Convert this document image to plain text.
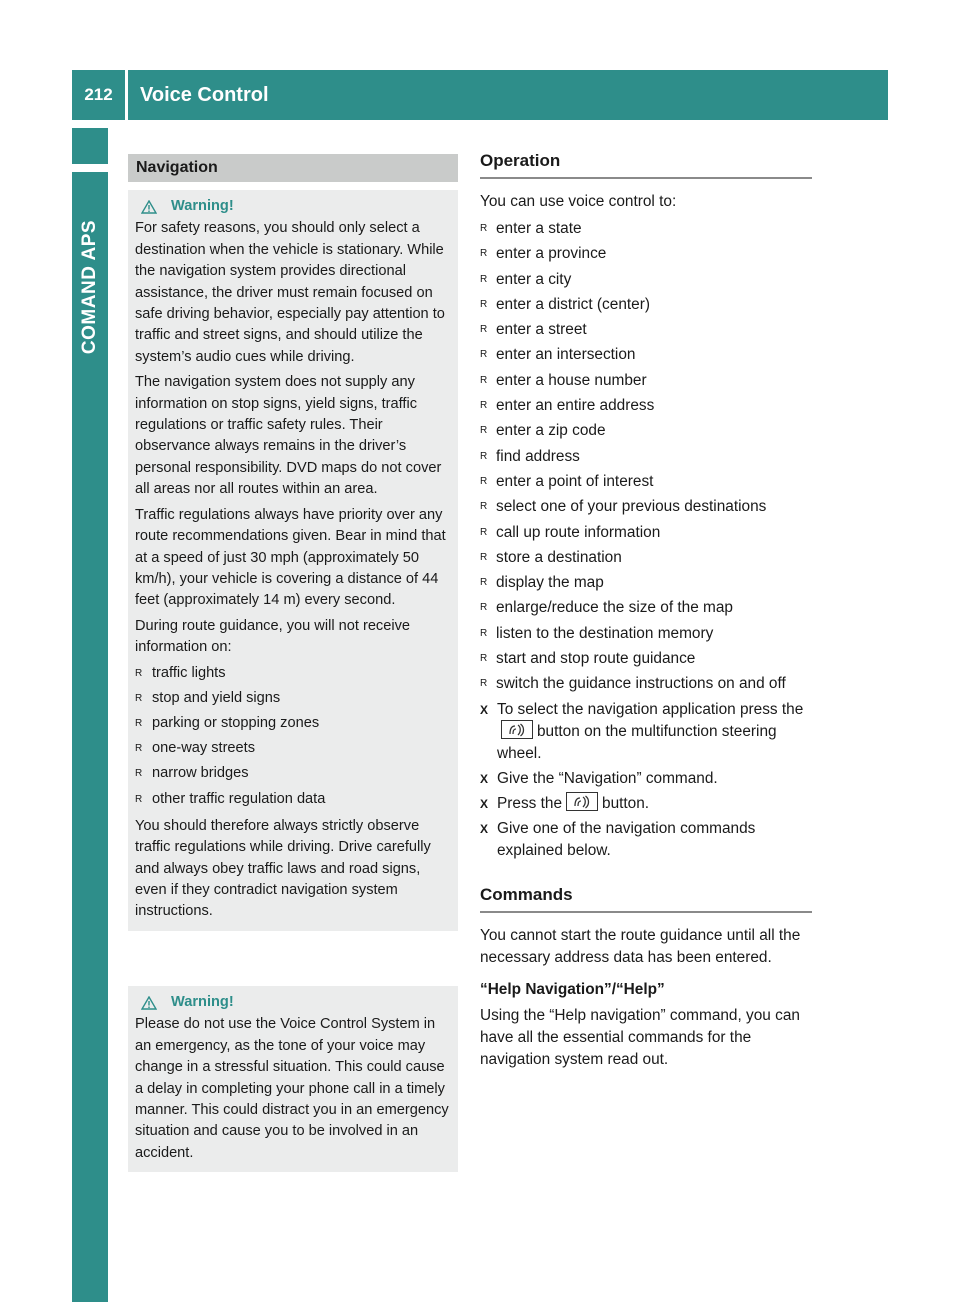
212	Voice Control
COMAND APS
Navigation
Warning!

For safety reasons, you should only select a destination when the vehicle is stationary. While the navigation system provides directional assistance, the driver must remain focused on safe driving behavior, especially pay attention to traffic and street signs, and should utilize the system’s audio cues while driving.

The navigation system does not supply any information on stop signs, yield signs, traffic regulations or traffic safety rules. Their observance always remains in the driver’s personal responsibility. DVD maps do not cover all areas nor all routes within an area.

Traffic regulations always have priority over any route recommendations given. Bear in mind that at a speed of just 30 mph (approximately 50 km/h), your vehicle is covering a distance of 44 feet (approximately 14 m) every second.

During route guidance, you will not receive information on:

R traffic lights
R stop and yield signs
R parking or stopping zones
R one-way streets
R narrow bridges
R other traffic regulation data

You should therefore always strictly observe traffic regulations while driving. Drive carefully and always obey traffic laws and road signs, even if they contradict navigation system instructions.

Warning!

Please do not use the Voice Control System in an emergency, as the tone of your voice may change in a stressful situation. This could cause a delay in completing your phone call in a timely manner. This could distract you in an emergency situation and cause you to be involved in an accident.

Operation

You can use voice control to:

R enter a state
R enter a province
R enter a city
R enter a district (center)
R enter a street
R enter an intersection
R enter a house number
R enter an entire address
R enter a zip code
R find address
R enter a point of interest
R select one of your previous destinations
R call up route information
R store a destination
R display the map
R enlarge/reduce the size of the map
R listen to the destination memory
R start and stop route guidance
R switch the guidance instructions on and off
X To select the navigation application press thebutton on the multifunction steering wheel.
X Give the “Navigation” command.
X Press the	button.
X Give one of the navigation commands explained below.
Commands

You cannot start the route guidance until all the necessary address data has been entered.

“Help Navigation”/“Help”

Using the “Help navigation” command, you can have all the essential commands for the navigation system read out.
